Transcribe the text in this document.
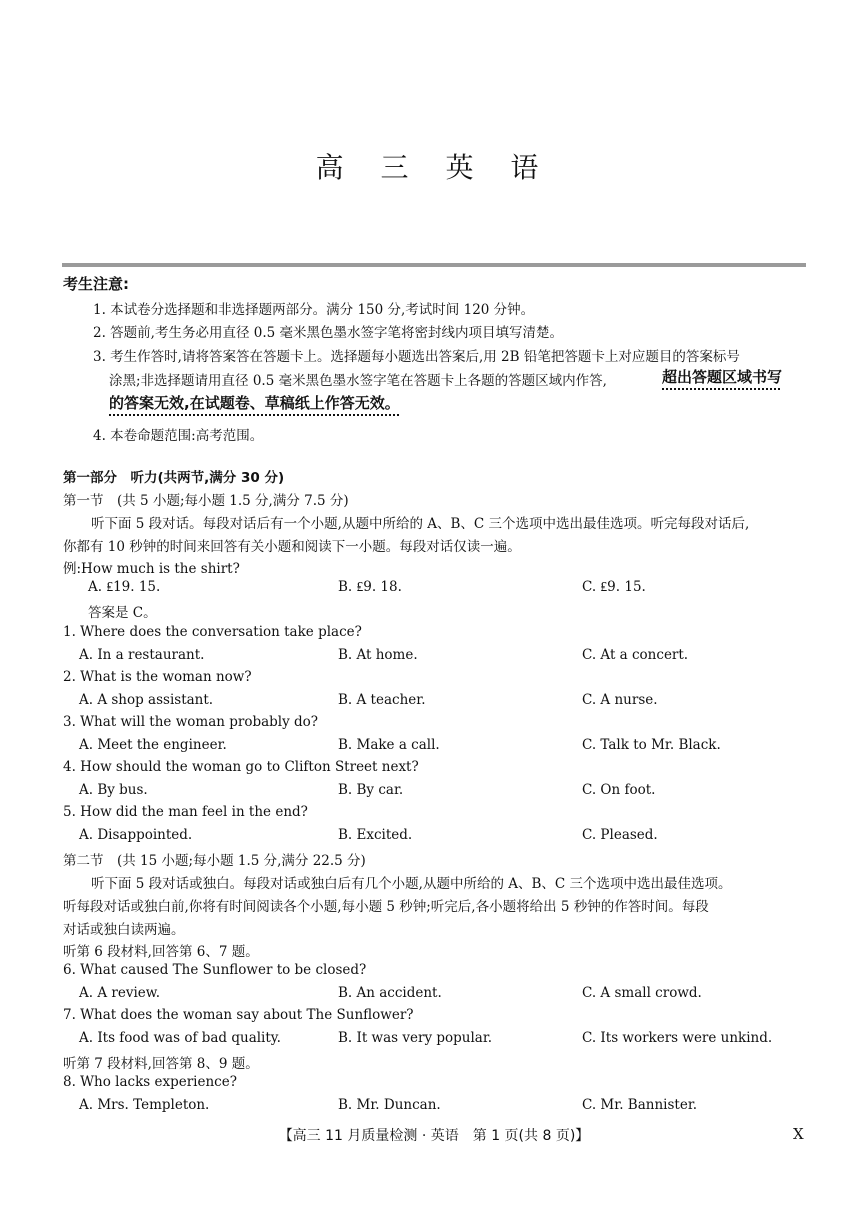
高 三 英 语
考生注意:
1. 本试卷分选择题和非选择题两部分。满分 150 分,考试时间 120 分钟。
2. 答题前,考生务必用直径 0.5 毫米黑色墨水签字笔将密封线内项目填写清楚。
3. 考生作答时,请将答案答在答题卡上。选择题每小题选出答案后,用 2B 铅笔把答题卡上对应题目的答案标号
涂黑;非选择题请用直径 0.5 毫米黑色墨水签字笔在答题卡上各题的答题区域内作答,	超出答题区域书写
的答案无效,在试题卷、草稿纸上作答无效。
4. 本卷命题范围:高考范围。
第一部分　听力(共两节,满分 30 分)
第一节　(共 5 小题;每小题 1.5 分,满分 7.5 分)
听下面 5 段对话。每段对话后有一个小题,从题中所给的 A、B、C 三个选项中选出最佳选项。听完每段对话后,
你都有 10 秒钟的时间来回答有关小题和阅读下一小题。每段对话仅读一遍。
例:How much is the shirt?
A. ₤19. 15.	B. ₤9. 18.	C. ₤9. 15.
答案是 C。
1. Where does the conversation take place?
A. In a restaurant.	B. At home.	C. At a concert.
2. What is the woman now?
A. A shop assistant.	B. A teacher.	C. A nurse.
3. What will the woman probably do?
A. Meet the engineer.	B. Make a call.	C. Talk to Mr. Black.
4. How should the woman go to Clifton Street next?
A. By bus.	B. By car.	C. On foot.
5. How did the man feel in the end?
A. Disappointed.	B. Excited.	C. Pleased.
第二节　(共 15 小题;每小题 1.5 分,满分 22.5 分)
听下面 5 段对话或独白。每段对话或独白后有几个小题,从题中所给的 A、B、C 三个选项中选出最佳选项。
听每段对话或独白前,你将有时间阅读各个小题,每小题 5 秒钟;听完后,各小题将给出 5 秒钟的作答时间。每段
对话或独白读两遍。
听第 6 段材料,回答第 6、7 题。
6. What caused The Sunflower to be closed?
A. A review.	B. An accident.	C. A small crowd.
7. What does the woman say about The Sunflower?
A. Its food was of bad quality.	B. It was very popular.	C. Its workers were unkind.
听第 7 段材料,回答第 8、9 题。
8. Who lacks experience?
A. Mrs. Templeton.	B. Mr. Duncan.	C. Mr. Bannister.
【高三 11 月质量检测 · 英语　第 1 页(共 8 页)】	X
